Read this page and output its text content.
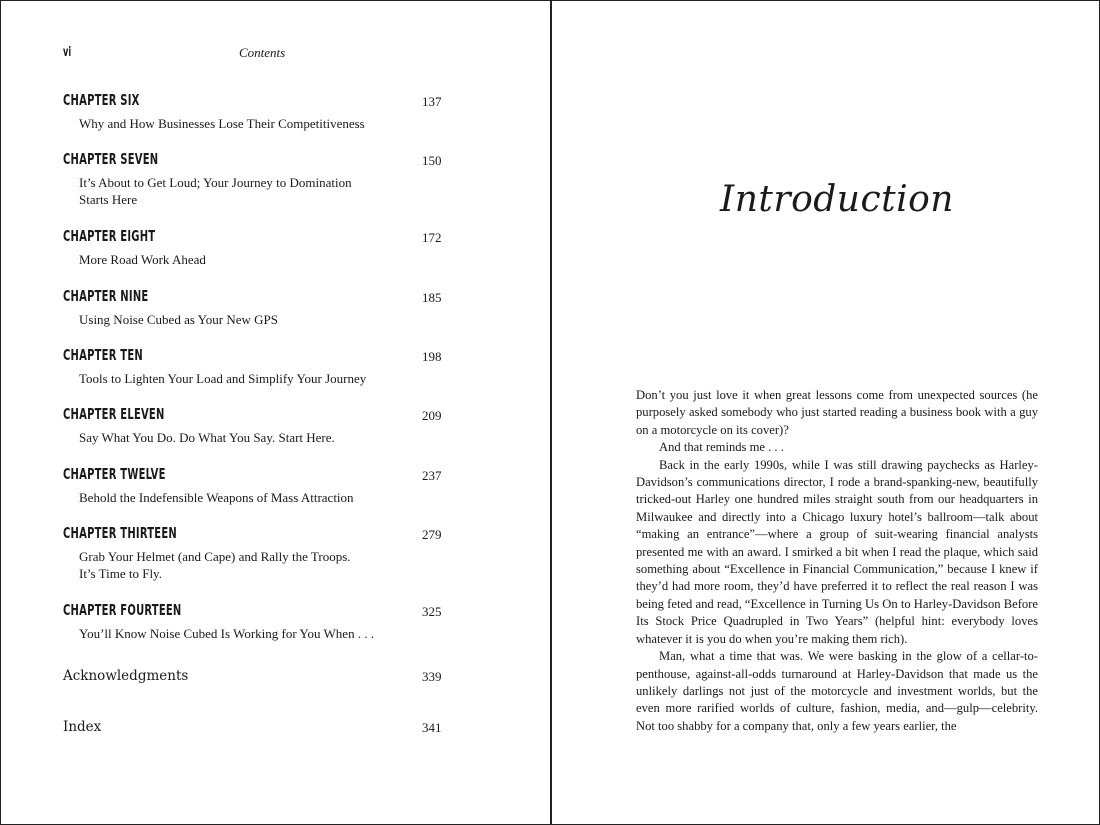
vi	Contents
CHAPTER SIX	137
Why and How Businesses Lose Their Competitiveness
CHAPTER SEVEN	150
It’s About to Get Loud; Your Journey to Domination Starts Here
CHAPTER EIGHT	172
More Road Work Ahead
CHAPTER NINE	185
Using Noise Cubed as Your New GPS
CHAPTER TEN	198
Tools to Lighten Your Load and Simplify Your Journey
CHAPTER ELEVEN	209
Say What You Do. Do What You Say. Start Here.
CHAPTER TWELVE	237
Behold the Indefensible Weapons of Mass Attraction
CHAPTER THIRTEEN	279
Grab Your Helmet (and Cape) and Rally the Troops. It’s Time to Fly.
CHAPTER FOURTEEN	325
You’ll Know Noise Cubed Is Working for You When . . .
Acknowledgments	339
Index	341
Introduction

Don’t you just love it when great lessons come from unexpected sources (he purposely asked somebody who just started reading a business book with a guy on a motorcycle on its cover)?

And that reminds me . . .

Back in the early 1990s, while I was still drawing paychecks as Harley-Davidson’s communications director, I rode a brand-spanking-new, beautifully tricked-out Harley one hundred miles straight south from our headquarters in Milwaukee and directly into a Chicago luxury hotel’s ballroom—talk about “making an entrance”—where a group of suit-wearing financial analysts presented me with an award. I smirked a bit when I read the plaque, which said something about “Excellence in Financial Communication,” because I knew if they’d had more room, they’d have preferred it to reflect the real reason I was being feted and read, “Excellence in Turning Us On to Harley-Davidson Before Its Stock Price Quadrupled in Two Years” (helpful hint: everybody loves whatever it is you do when you’re making them rich).

Man, what a time that was. We were basking in the glow of a cellar-to-penthouse, against-all-odds turnaround at Harley-Davidson that made us the unlikely darlings not just of the motorcycle and investment worlds, but the even more rarified worlds of culture, fashion, media, and—gulp—celebrity. Not too shabby for a company that, only a few years earlier, the
